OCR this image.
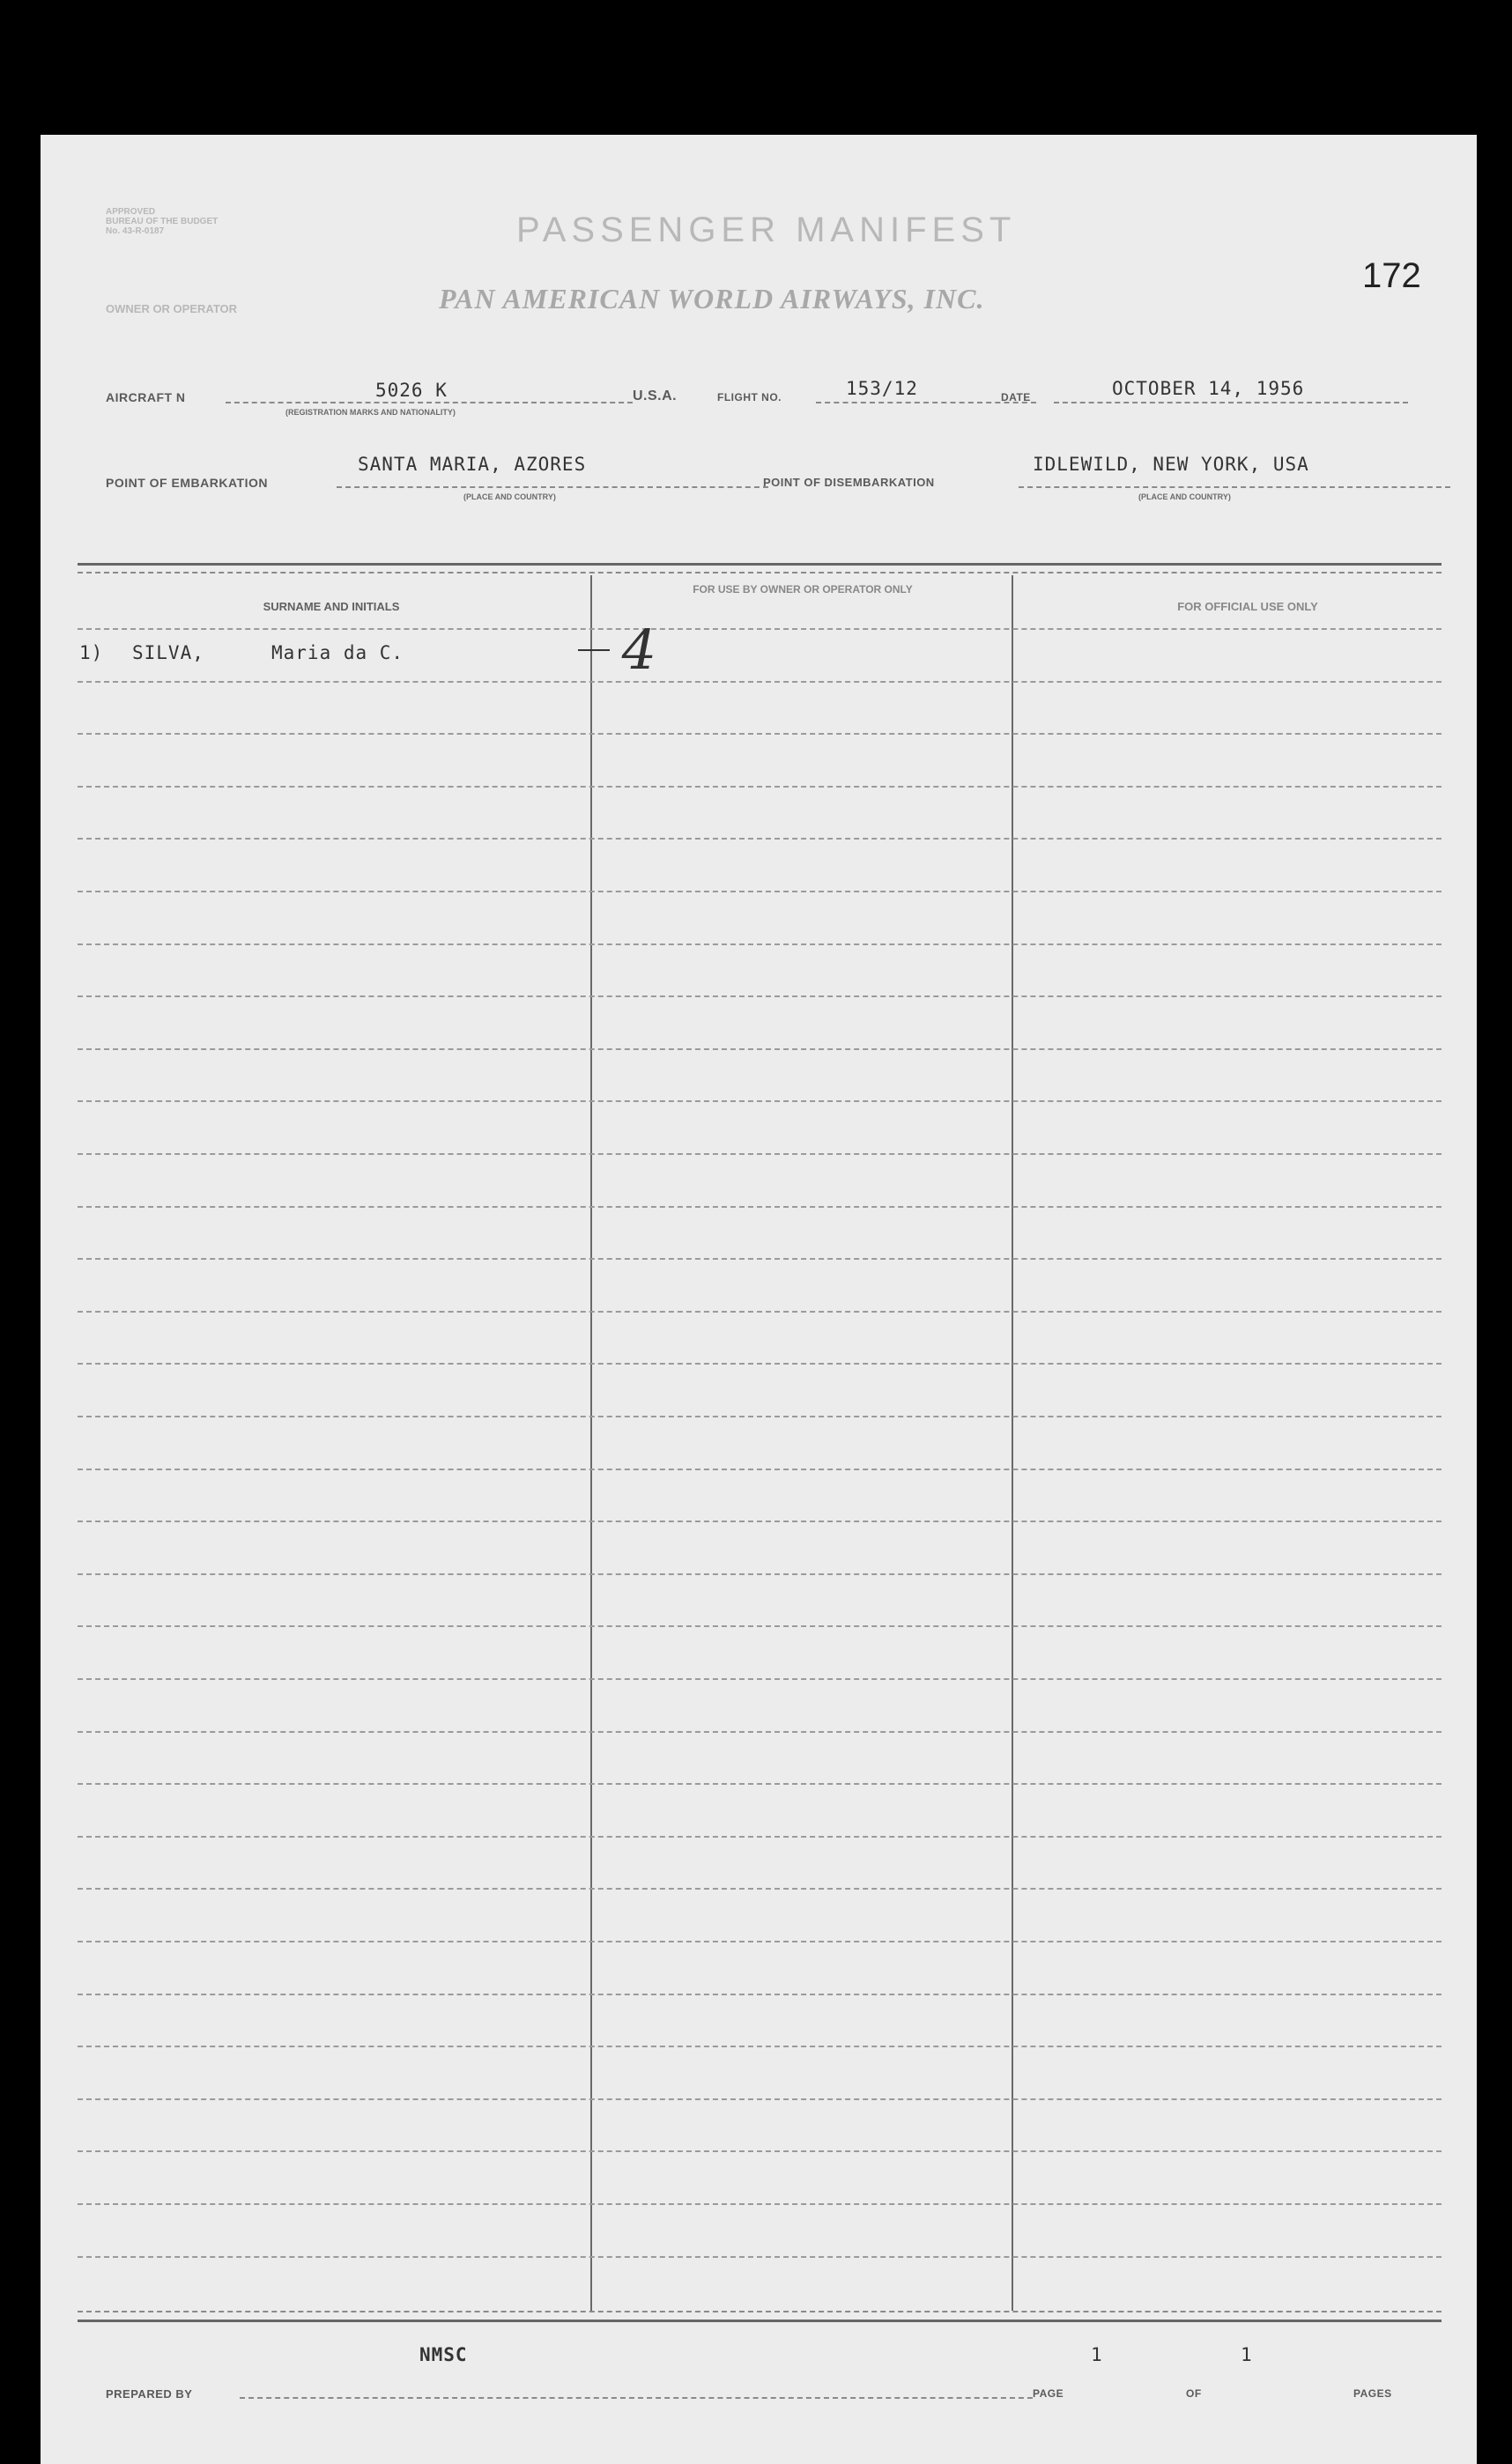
APPROVED
BUREAU OF THE BUDGET
No. 43-R-0187	PASSENGER MANIFEST
172
OWNER OR OPERATOR	PAN AMERICAN WORLD AIRWAYS, INC.
AIRCRAFT N	5026 K
(REGISTRATION MARKS AND NATIONALITY)
U.S.A.	FLIGHT NO.	153/12	DATE	OCTOBER 14, 1956
POINT OF EMBARKATION
SANTA MARIA, AZORES
(PLACE AND COUNTRY)
POINT OF DISEMBARKATION
IDLEWILD, NEW YORK, USA
(PLACE AND COUNTRY)
SURNAME AND INITIALS
FOR USE BY OWNER OR OPERATOR ONLY
FOR OFFICIAL USE ONLY
1) SILVA,	Maria da C.	4
NMSC
PREPARED BY
1
PAGE
1
OF	PAGES
